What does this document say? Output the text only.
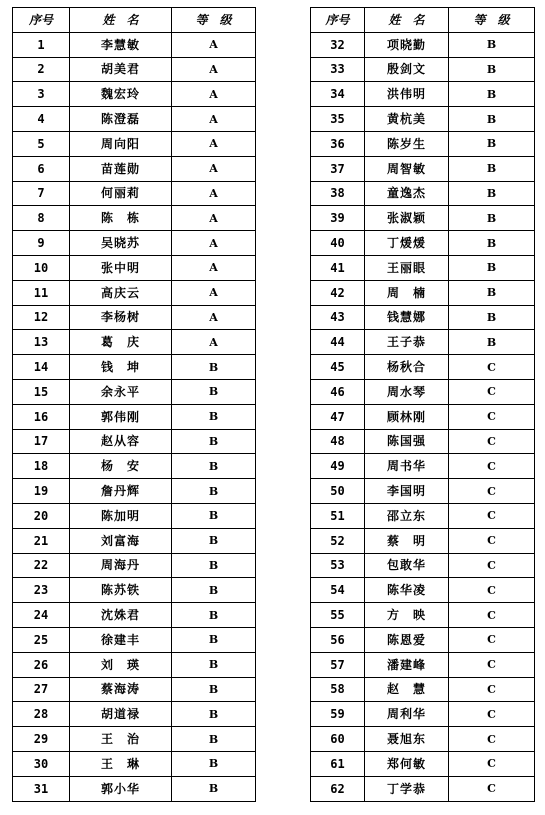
序号	姓　名	等　级
1	李慧敏	A
2	胡美君	A
3	魏宏玲	A
4	陈澄磊	A
5	周向阳	A
6	苗莲勋	A
7	何丽莉	A
8	陈　栋	A
9	吴晓苏	A
10	张中明	A
11	高庆云	A
12	李杨树	A
13	葛　庆	A
14	钱　坤	B
15	余永平	B
16	郭伟刚	B
17	赵从容	B
18	杨　安	B
19	詹丹辉	B
20	陈加明	B
21	刘富海	B
22	周海丹	B
23	陈苏铁	B
24	沈姝君	B
25	徐建丰	B
26	刘　瑛	B
27	蔡海涛	B
28	胡道禄	B
29	王　治	B
30	王　琳	B
31	郭小华	B
序号	姓　名	等　级
32	项晓勤	B
33	殷剑文	B
34	洪伟明	B
35	黄杭美	B
36	陈岁生	B
37	周智敏	B
38	童逸杰	B
39	张淑颖	B
40	丁煖煖	B
41	王丽眼	B
42	周　楠	B
43	钱慧娜	B
44	王子恭	B
45	杨秋合	C
46	周水琴	C
47	顾林刚	C
48	陈国强	C
49	周书华	C
50	李国明	C
51	邵立东	C
52	蔡　明	C
53	包敢华	C
54	陈华凌	C
55	方　映	C
56	陈恩爱	C
57	潘建峰	C
58	赵　慧	C
59	周利华	C
60	聂旭东	C
61	郑何敏	C
62	丁学恭	C
